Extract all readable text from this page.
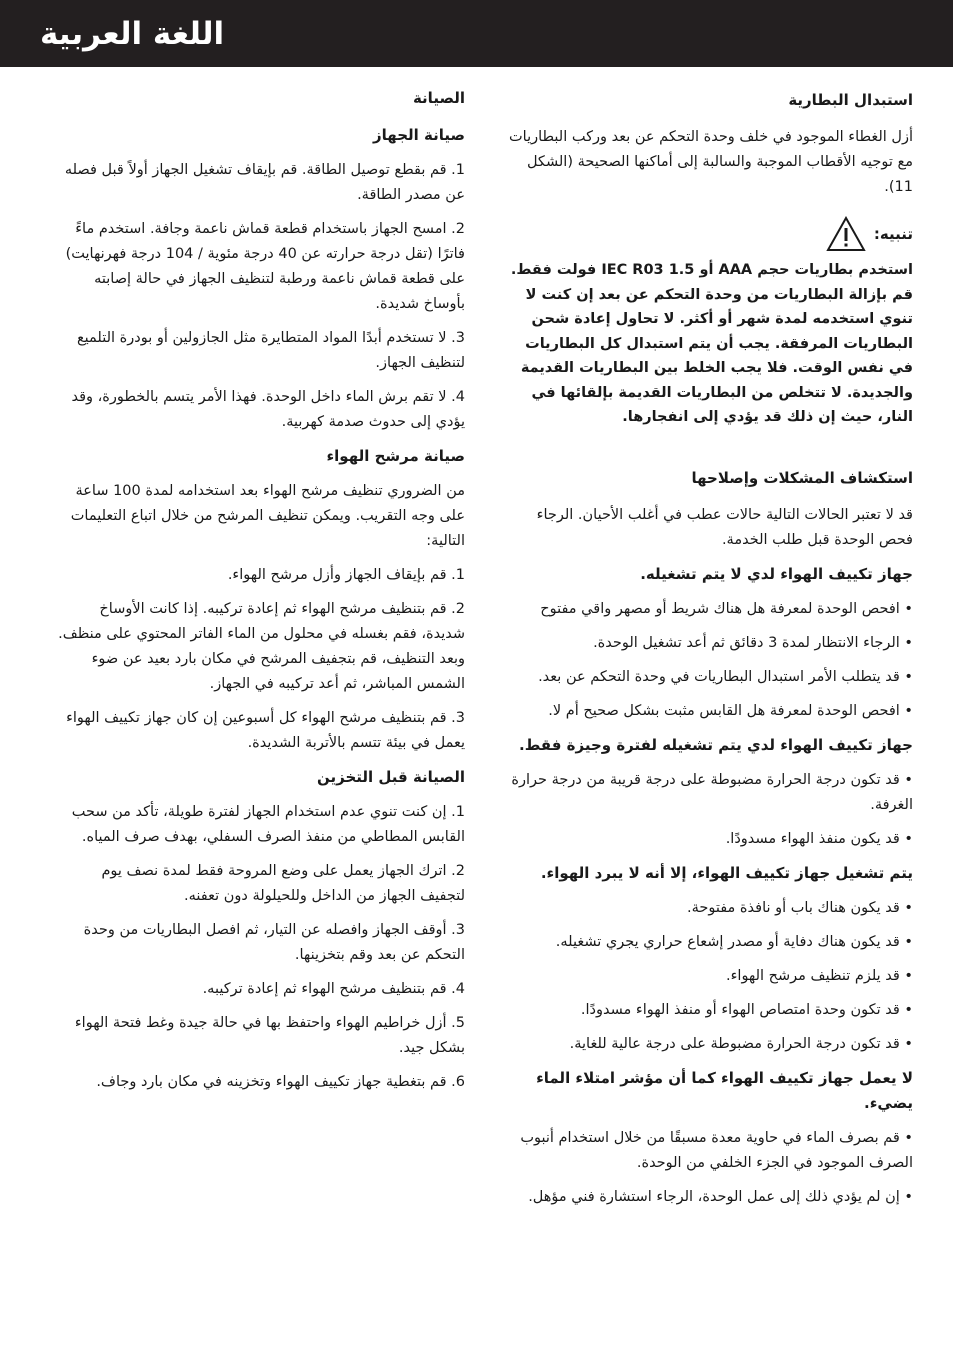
اللغة العربية
استبدال البطارية
أزل الغطاء الموجود في خلف وحدة التحكم عن بعد وركب البطاريات مع توجيه الأقطاب الموجبة والسالبة إلى أماكنها الصحيحة (الشكل 11).
تنبيه:
استخدم بطاريات حجم AAA أو IEC R03 1.5 فولت فقط. قم بإزالة البطاريات من وحدة التحكم عن بعد إن كنت لا تنوي استخدمه لمدة شهر أو أكثر. لا تحاول إعادة شحن البطاريات المرفقة. يجب أن يتم استبدال كل البطاريات في نفس الوقت. فلا يجب الخلط بين البطاريات القديمة والجديدة. لا تتخلص من البطاريات القديمة بإلقائها في النار، حيث إن ذلك قد يؤدي إلى انفجارها.
استكشاف المشكلات وإصلاحها
قد لا تعتبر الحالات التالية حالات عطب في أغلب الأحيان. الرجاء فحص الوحدة قبل طلب الخدمة.
جهاز تكييف الهواء لدي لا يتم تشغيله.
• افحص الوحدة لمعرفة هل هناك شريط أو مصهر واقي مفتوح
• الرجاء الانتظار لمدة 3 دقائق ثم أعد تشغيل الوحدة.
• قد يتطلب الأمر استبدال البطاريات في وحدة التحكم عن بعد.
• افحص الوحدة لمعرفة هل القابس مثبت بشكل صحيح أم لا.
جهاز تكييف الهواء لدي يتم تشغيله لفترة وجيزة فقط.
• قد تكون درجة الحرارة مضبوطة على درجة قريبة من درجة حرارة الغرفة.
• قد يكون منفذ الهواء مسدودًا.
يتم تشغيل جهاز تكييف الهواء، إلا أنه لا يبرد الهواء.
• قد يكون هناك باب أو نافذة مفتوحة.
• قد يكون هناك دفاية أو مصدر إشعاع حراري يجري تشغيله.
• قد يلزم تنظيف مرشح الهواء.
• قد تكون وحدة امتصاص الهواء أو منفذ الهواء مسدودًا.
• قد تكون درجة الحرارة مضبوطة على درجة عالية للغاية.
لا يعمل جهاز تكييف الهواء كما أن مؤشر امتلاء الماء يضيء.
• قم بصرف الماء في حاوية معدة مسبقًا من خلال استخدام أنبوب الصرف الموجود في الجزء الخلفي من الوحدة.
• إن لم يؤدي ذلك إلى عمل الوحدة، الرجاء استشارة فني مؤهل.
الصيانة
صيانة الجهاز
1. قم بقطع توصيل الطاقة. قم بإيقاف تشغيل الجهاز أولاً قبل فصله عن مصدر الطاقة.
2. امسح الجهاز باستخدام قطعة قماش ناعمة وجافة. استخدم ماءً فاترًا (تقل درجة حرارته عن 40 درجة مئوية / 104 درجة فهرنهايت) على قطعة قماش ناعمة ورطبة لتنظيف الجهاز في حالة إصابته بأوساخ شديدة.
3. لا تستخدم أبدًا المواد المتطايرة مثل الجازولين أو بودرة التلميع لتنظيف الجهاز.
4. لا تقم برش الماء داخل الوحدة. فهذا الأمر يتسم بالخطورة، وقد يؤدي إلى حدوث صدمة كهربية.
صيانة مرشح الهواء
من الضروري تنظيف مرشح الهواء بعد استخدامه لمدة 100 ساعة على وجه التقريب. ويمكن تنظيف المرشح من خلال اتباع التعليمات التالية:
1. قم بإيقاف الجهاز وأزل مرشح الهواء.
2. قم بتنظيف مرشح الهواء ثم إعادة تركيبه. إذا كانت الأوساخ شديدة، فقم بغسله في محلول من الماء الفاتر المحتوي على منظف. وبعد التنظيف، قم بتجفيف المرشح في مكان بارد بعيد عن ضوء الشمس المباشر، ثم أعد تركيبه في الجهاز.
3. قم بتنظيف مرشح الهواء كل أسبوعين إن كان جهاز تكييف الهواء يعمل في بيئة تتسم بالأتربة الشديدة.
الصيانة قبل التخزين
1. إن كنت تنوي عدم استخدام الجهاز لفترة طويلة، تأكد من سحب القابس المطاطي من منفذ الصرف السفلي، بهدف صرف المياه.
2. اترك الجهاز يعمل على وضع المروحة فقط لمدة نصف يوم لتجفيف الجهاز من الداخل وللحيلولة دون تعفنه.
3. أوقف الجهاز وافصله عن التيار، ثم افصل البطاريات من وحدة التحكم عن بعد وقم بتخزينها.
4. قم بتنظيف مرشح الهواء ثم إعادة تركيبه.
5. أزل خراطيم الهواء واحتفظ بها في حالة جيدة وغط فتحة الهواء بشكل جيد.
6. قم بتغطية جهاز تكييف الهواء وتخزينه في مكان بارد وجاف.
